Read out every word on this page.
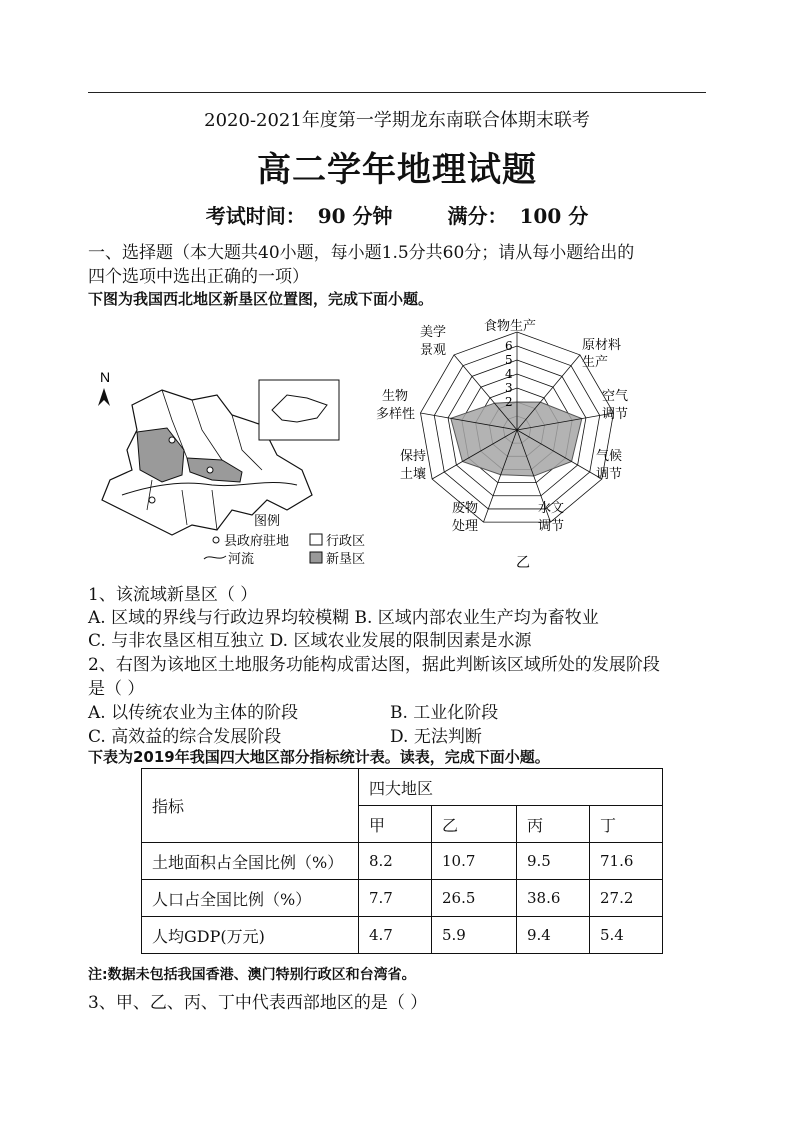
2020-2021年度第一学期龙东南联合体期末联考
高二学年地理试题
考试时间： 90 分钟	满分： 100 分
一、选择题（本大题共40小题，每小题1.5分共60分；请从每小题给出的
四个选项中选出正确的一项）
下图为我国西北地区新垦区位置图，完成下面小题。
N
图例
县政府驻地	行政区
河流	新垦区
食物生产
原材料
生产
空气
调节
气候
调节
水文
调节
废物
处理
保持
土壤
生物
多样性
美学
景观
2
3
4
5
6
乙
1、该流域新垦区（ ）
A. 区域的界线与行政边界均较模糊 B. 区域内部农业生产均为畜牧业
C. 与非农垦区相互独立 D. 区域农业发展的限制因素是水源
2、右图为该地区土地服务功能构成雷达图，据此判断该区域所处的发展阶段
是（ ）
A. 以传统农业为主体的阶段	B. 工业化阶段
C. 高效益的综合发展阶段	D. 无法判断
下表为2019年我国四大地区部分指标统计表。读表，完成下面小题。
指标	四大地区			
	甲	乙	丙	丁
土地面积占全国比例（%）	8.2	10.7	9.5	71.6
人口占全国比例（%）	7.7	26.5	38.6	27.2
人均GDP(万元)	4.7	5.9	9.4	5.4
注:数据未包括我国香港、澳门特别行政区和台湾省。
3、甲、乙、丙、丁中代表西部地区的是（ ）
